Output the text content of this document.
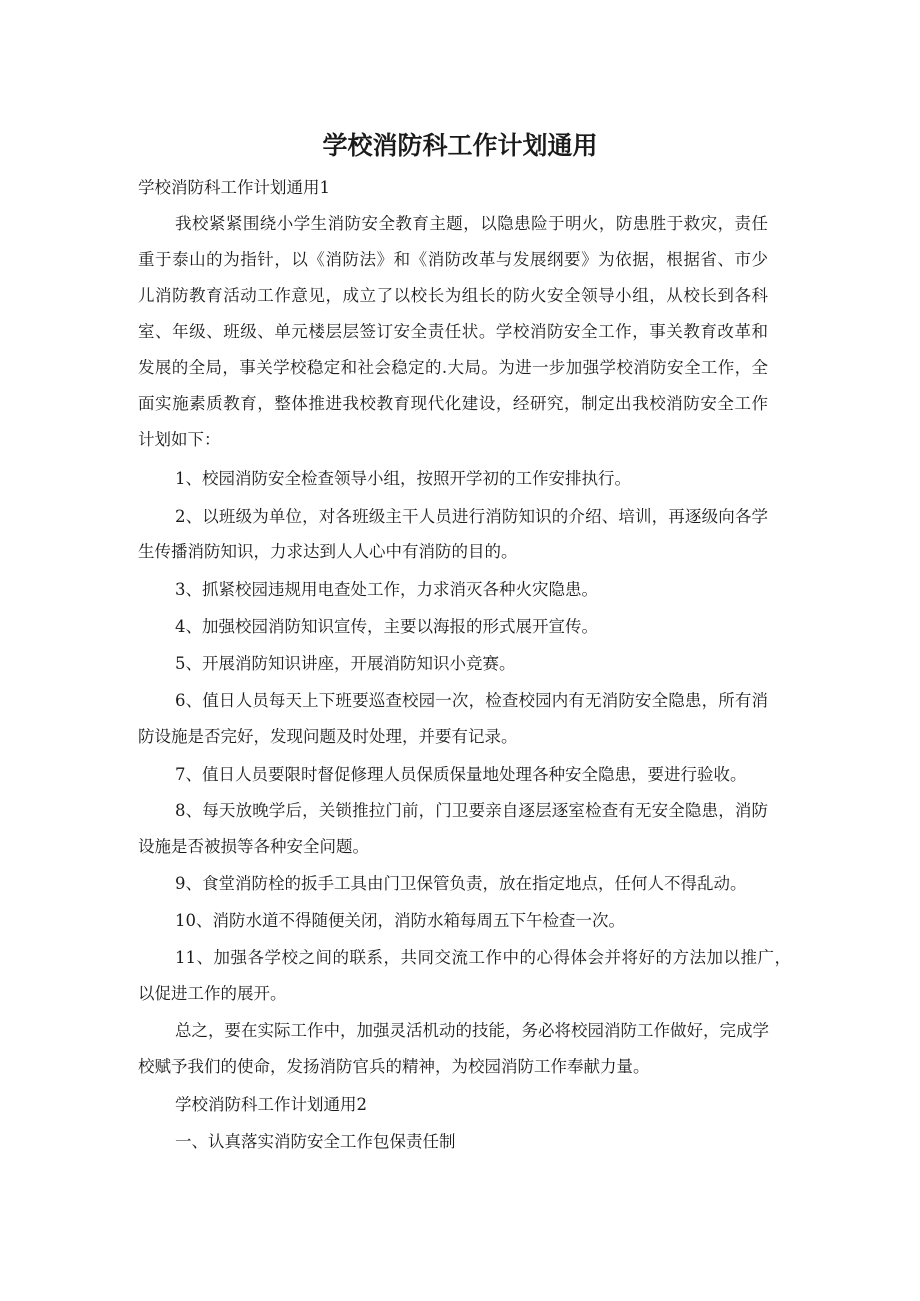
学校消防科工作计划通用
学校消防科工作计划通用1
我校紧紧围绕小学生消防安全教育主题，以隐患险于明火，防患胜于救灾，责任
重于泰山的为指针，以《消防法》和《消防改革与发展纲要》为依据，根据省、市少
儿消防教育活动工作意见，成立了以校长为组长的防火安全领导小组，从校长到各科
室、年级、班级、单元楼层层签订安全责任状。学校消防安全工作，事关教育改革和
发展的全局，事关学校稳定和社会稳定的.大局。为进一步加强学校消防安全工作，全
面实施素质教育，整体推进我校教育现代化建设，经研究，制定出我校消防安全工作
计划如下：
1、校园消防安全检查领导小组，按照开学初的工作安排执行。
2、以班级为单位，对各班级主干人员进行消防知识的介绍、培训，再逐级向各学
生传播消防知识，力求达到人人心中有消防的目的。
3、抓紧校园违规用电查处工作，力求消灭各种火灾隐患。
4、加强校园消防知识宣传，主要以海报的形式展开宣传。
5、开展消防知识讲座，开展消防知识小竞赛。
6、值日人员每天上下班要巡查校园一次，检查校园内有无消防安全隐患，所有消
防设施是否完好，发现问题及时处理，并要有记录。
7、值日人员要限时督促修理人员保质保量地处理各种安全隐患，要进行验收。
8、每天放晚学后，关锁推拉门前，门卫要亲自逐层逐室检查有无安全隐患，消防
设施是否被损等各种安全问题。
9、食堂消防栓的扳手工具由门卫保管负责，放在指定地点，任何人不得乱动。
10、消防水道不得随便关闭，消防水箱每周五下午检查一次。
11、加强各学校之间的联系，共同交流工作中的心得体会并将好的方法加以推广，
以促进工作的展开。
总之，要在实际工作中，加强灵活机动的技能，务必将校园消防工作做好，完成学
校赋予我们的使命，发扬消防官兵的精神，为校园消防工作奉献力量。
学校消防科工作计划通用2
一、认真落实消防安全工作包保责任制
